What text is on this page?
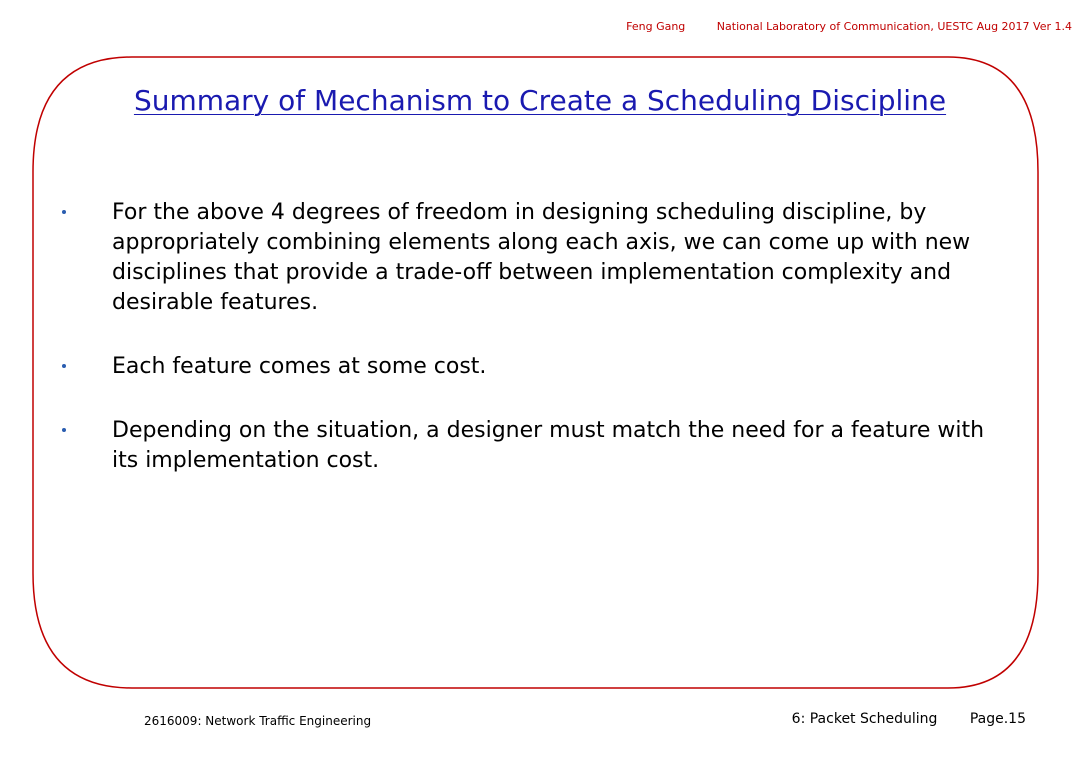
Feng Gang	National Laboratory of Communication, UESTC Aug 2017 Ver 1.4
Summary of Mechanism to Create a Scheduling Discipline
For the above 4 degrees of freedom in designing scheduling discipline, by appropriately combining elements along each axis, we can come up with new disciplines that provide a trade-off between implementation complexity and desirable features.
Each feature comes at some cost.
Depending on the situation, a designer must match the need for a feature with its implementation cost.
2616009: Network Traffic Engineering	6: Packet Scheduling Page.15
